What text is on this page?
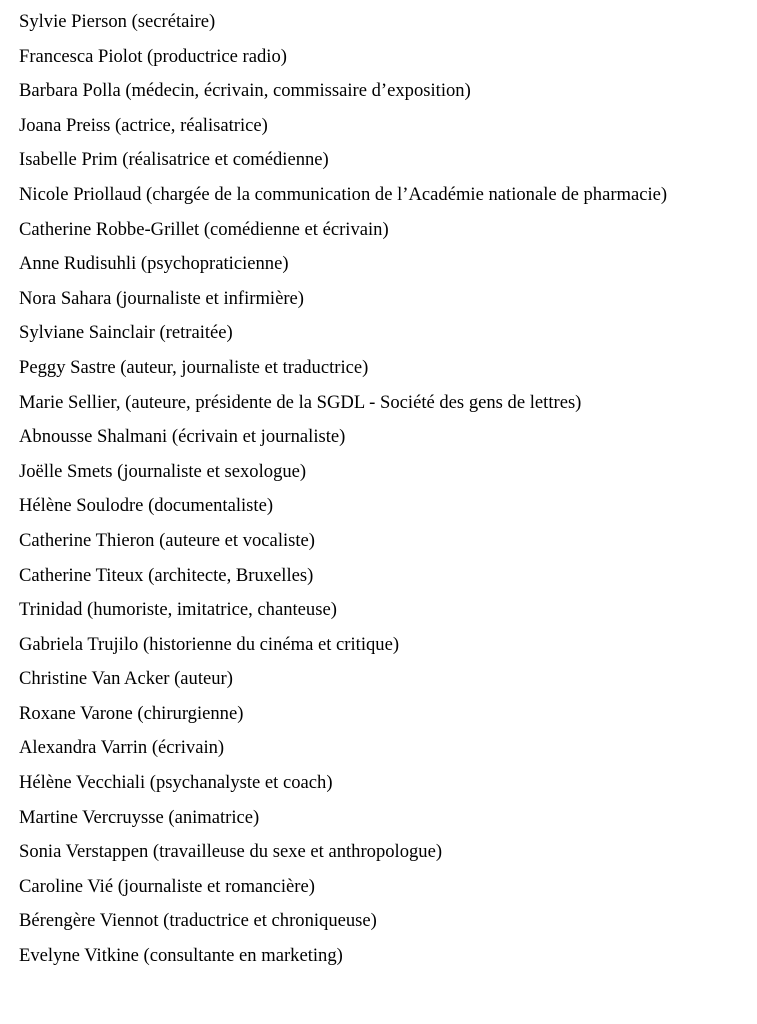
Sylvie Pierson (secrétaire)
Francesca Piolot (productrice radio)
Barbara Polla (médecin, écrivain, commissaire d’exposition)
Joana Preiss (actrice, réalisatrice)
Isabelle Prim (réalisatrice et comédienne)
Nicole Priollaud (chargée de la communication de l’Académie nationale de pharmacie)
Catherine Robbe-Grillet (comédienne et écrivain)
Anne Rudisuhli (psychopraticienne)
Nora Sahara (journaliste et infirmière)
Sylviane Sainclair (retraitée)
Peggy Sastre (auteur, journaliste et traductrice)
Marie Sellier, (auteure, présidente de la SGDL - Société des gens de lettres)
Abnousse Shalmani (écrivain et journaliste)
Joëlle Smets (journaliste et sexologue)
Hélène Soulodre (documentaliste)
Catherine Thieron (auteure et vocaliste)
Catherine Titeux (architecte, Bruxelles)
Trinidad (humoriste, imitatrice, chanteuse)
Gabriela Trujilo (historienne du cinéma et critique)
Christine Van Acker (auteur)
Roxane Varone (chirurgienne)
Alexandra Varrin (écrivain)
Hélène Vecchiali (psychanalyste et coach)
Martine Vercruysse (animatrice)
Sonia Verstappen (travailleuse du sexe et anthropologue)
Caroline Vié (journaliste et romancière)
Bérengère Viennot (traductrice et chroniqueuse)
Evelyne Vitkine (consultante en marketing)
